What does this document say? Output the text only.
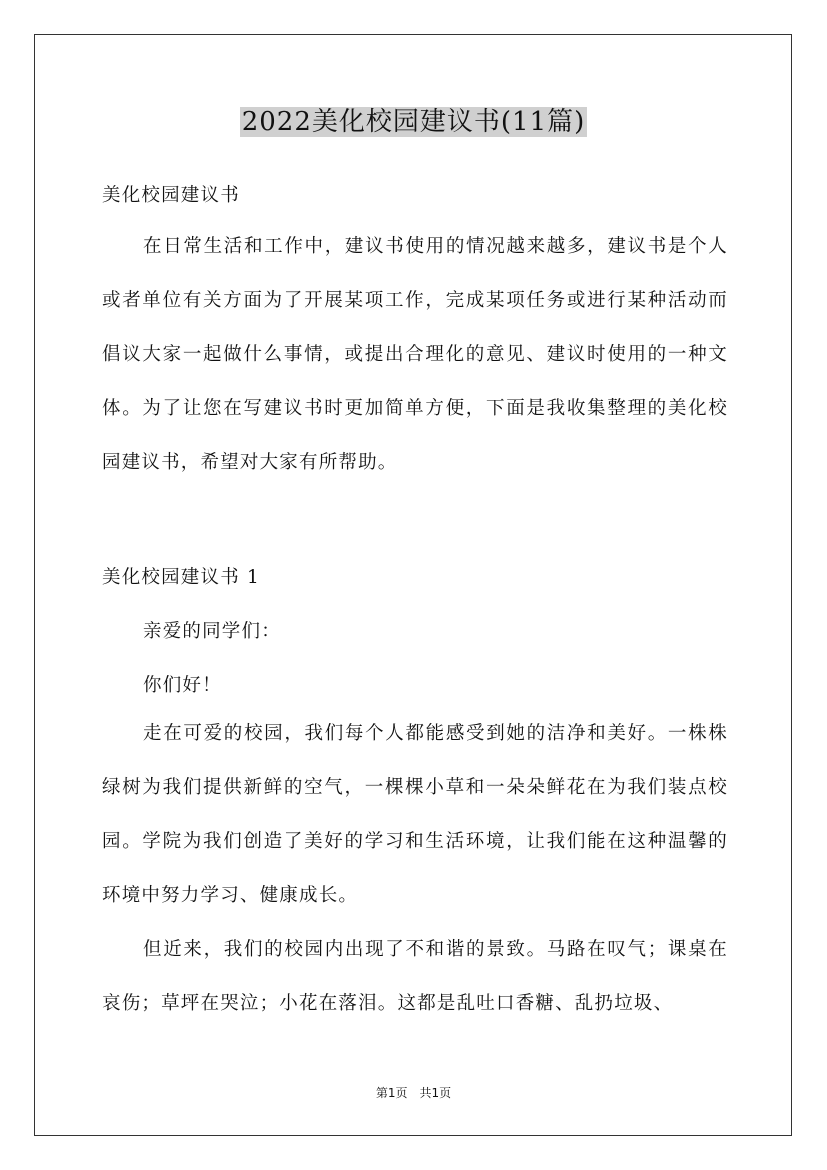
2022美化校园建议书(11篇)
美化校园建议书

在日常生活和工作中，建议书使用的情况越来越多，建议书是个人或者单位有关方面为了开展某项工作，完成某项任务或进行某种活动而倡议大家一起做什么事情，或提出合理化的意见、建议时使用的一种文体。为了让您在写建议书时更加简单方便，下面是我收集整理的美化校园建议书，希望对大家有所帮助。

美化校园建议书 1
亲爱的同学们：
你们好！

走在可爱的校园，我们每个人都能感受到她的洁净和美好。一株株绿树为我们提供新鲜的空气，一棵棵小草和一朵朵鲜花在为我们装点校园。学院为我们创造了美好的学习和生活环境，让我们能在这种温馨的环境中努力学习、健康成长。

但近来，我们的校园内出现了不和谐的景致。马路在叹气；课桌在哀伤；草坪在哭泣；小花在落泪。这都是乱吐口香糖、乱扔垃圾、

第1页　共1页
